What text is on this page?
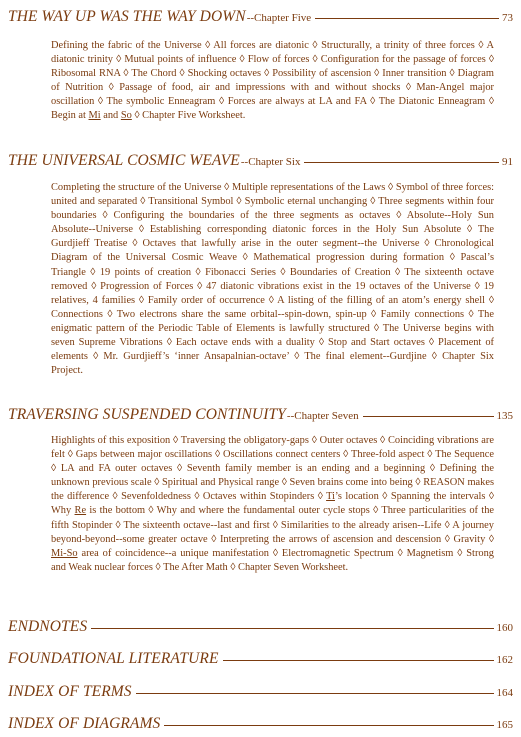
THE WAY UP WAS THE WAY DOWN --Chapter Five	73

Defining the fabric of the Universe ◊ All forces are diatonic ◊ Structurally, a trinity of three forces ◊ A diatonic trinity ◊ Mutual points of influence ◊ Flow of forces ◊ Configuration for the passage of forces ◊ Ribosomal RNA ◊ The Chord ◊ Shocking octaves ◊ Possibility of ascension ◊ Inner transition ◊ Diagram of Nutrition ◊ Passage of food, air and impressions with and without shocks ◊ Man-Angel major oscillation ◊ The symbolic Enneagram ◊ Forces are always at LA and FA ◊ The Diatonic Enneagram ◊ Begin at Mi and So ◊ Chapter Five Worksheet.

THE UNIVERSAL COSMIC WEAVE --Chapter Six	91

Completing the structure of the Universe ◊ Multiple representations of the Laws ◊ Symbol of three forces: united and separated ◊ Transitional Symbol ◊ Symbolic eternal unchanging ◊ Three segments within four boundaries ◊ Configuring the boundaries of the three segments as octaves ◊ Absolute--Holy Sun Absolute--Universe ◊ Establishing corresponding diatonic forces in the Holy Sun Absolute ◊ The Gurdjieff Treatise ◊ Octaves that lawfully arise in the outer segment--the Universe ◊ Chronological Diagram of the Universal Cosmic Weave ◊ Mathematical progression during formation ◊ Pascal’s Triangle ◊ 19 points of creation ◊ Fibonacci Series ◊ Boundaries of Creation ◊ The sixteenth octave removed ◊ Progression of Forces ◊ 47 diatonic vibrations exist in the 19 octaves of the Universe ◊ 19 relatives, 4 families ◊ Family order of occurrence ◊ A listing of the filling of an atom’s energy shell ◊ Connections ◊ Two electrons share the same orbital--spin-down, spin-up ◊ Family connections ◊ The enigmatic pattern of the Periodic Table of Elements is lawfully structured ◊ The Universe begins with seven Supreme Vibrations ◊ Each octave ends with a duality ◊ Stop and Start octaves ◊ Placement of elements ◊ Mr. Gurdjieff’s ‘inner Ansapalnian-octave’ ◊ The final element--Gurdjine ◊ Chapter Six Project.

TRAVERSING SUSPENDED CONTINUITY --Chapter Seven	135

Highlights of this exposition ◊ Traversing the obligatory-gaps ◊ Outer octaves ◊ Coinciding vibrations are felt ◊ Gaps between major oscillations ◊ Oscillations connect centers ◊ Three-fold aspect ◊ The Sequence ◊ LA and FA outer octaves ◊ Seventh family member is an ending and a beginning ◊ Defining the unknown previous scale ◊ Spiritual and Physical range ◊ Seven brains come into being ◊ REASON makes the difference ◊ Sevenfoldedness ◊ Octaves within Stopinders ◊ Ti’s location ◊ Spanning the intervals ◊ Why Re is the bottom ◊ Why and where the fundamental outer cycle stops ◊ Three particularities of the fifth Stopinder ◊ The sixteenth octave--last and first ◊ Similarities to the already arisen--Life ◊ A journey beyond-beyond--some greater octave ◊ Interpreting the arrows of ascension and descension ◊ Gravity ◊ Mi-So area of coincidence--a unique manifestation ◊ Electromagnetic Spectrum ◊ Magnetism ◊ Strong and Weak nuclear forces ◊ The After Math ◊ Chapter Seven Worksheet.

ENDNOTES	160
FOUNDATIONAL LITERATURE	162
INDEX OF TERMS	164
INDEX OF DIAGRAMS	165
